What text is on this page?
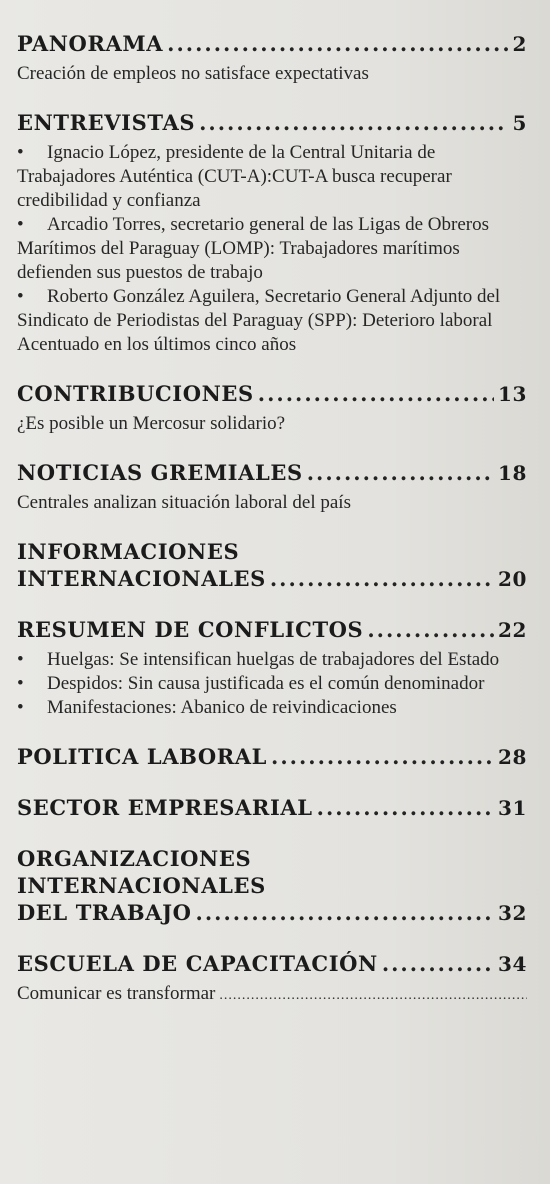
PANORAMA .....	2
Creación de empleos no satisface expectativas
ENTREVISTAS .....	5
• Ignacio López, presidente de la Central Unitaria de Trabajadores Auténtica (CUT-A):CUT-A busca recuperar credibilidad y confianza
• Arcadio Torres, secretario general de las Ligas de Obreros Marítimos del Paraguay (LOMP): Trabajadores marítimos defienden sus puestos de trabajo
• Roberto González Aguilera, Secretario General Adjunto del Sindicato de Periodistas del Paraguay (SPP): Deterioro laboral Acentuado en los últimos cinco años
CONTRIBUCIONES .....	13
¿Es posible un Mercosur solidario?
NOTICIAS GREMIALES .....	18
Centrales analizan situación laboral del país
INFORMACIONES
INTERNACIONALES .....	20
RESUMEN DE CONFLICTOS .....	22
• Huelgas: Se intensifican huelgas de trabajadores del Estado
• Despidos: Sin causa justificada es el común denominador
• Manifestaciones: Abanico de reivindicaciones
POLITICA LABORAL .....	28
SECTOR EMPRESARIAL .....	31
ORGANIZACIONES
INTERNACIONALES
DEL TRABAJO .....	32
ESCUELA DE CAPACITACIÓN .....	34
Comunicar es transformar
.....
